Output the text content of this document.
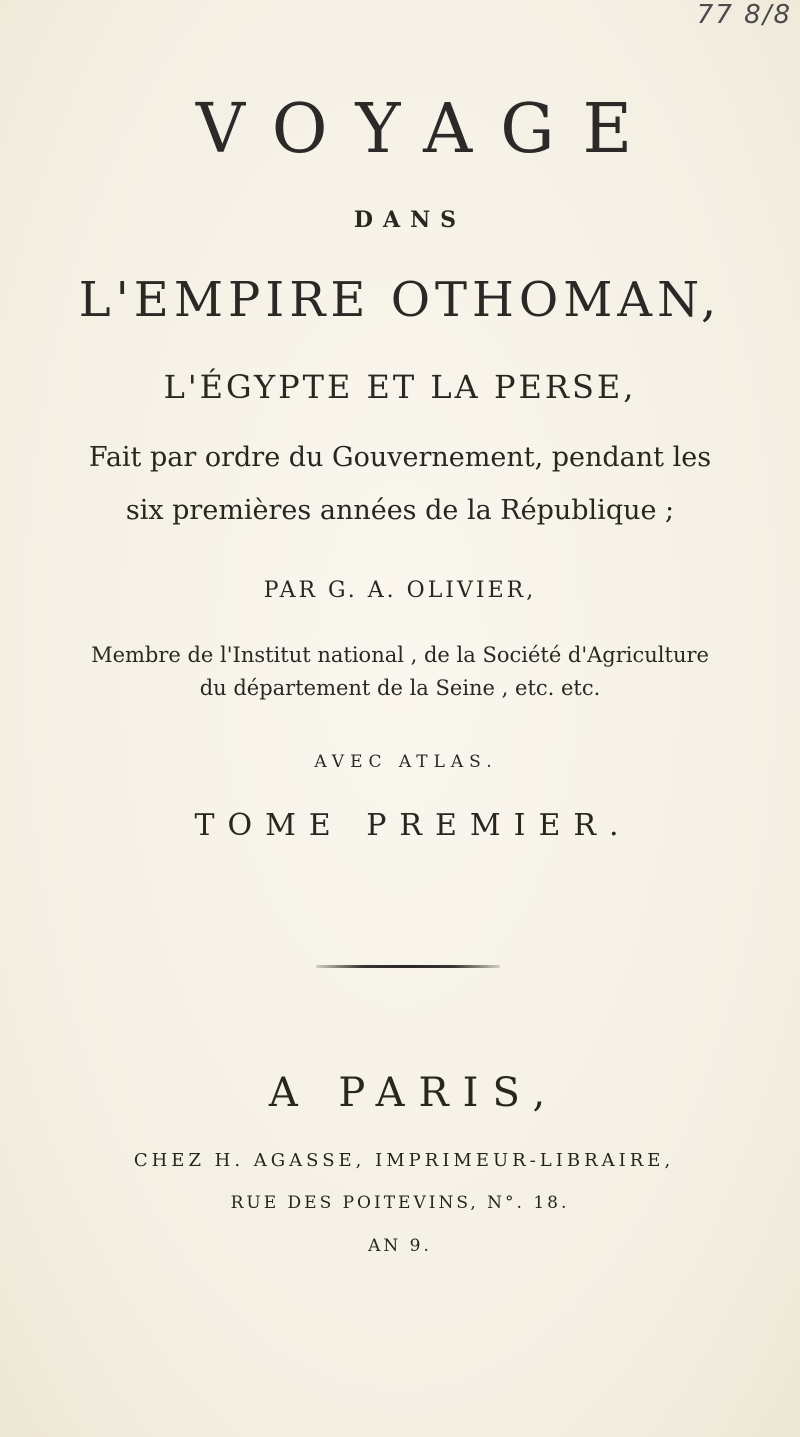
77 8/8
VOYAGE
DANS
L'EMPIRE OTHOMAN,
L'ÉGYPTE ET LA PERSE,
Fait par ordre du Gouvernement, pendant les
six premières années de la République ;
PAR G. A. OLIVIER,
Membre de l'Institut national , de la Société d'Agriculture
du département de la Seine , etc. etc.
AVEC ATLAS.
TOME PREMIER.
A PARIS,
CHEZ H. AGASSE, IMPRIMEUR-LIBRAIRE,
RUE DES POITEVINS, N°. 18.
AN 9.
